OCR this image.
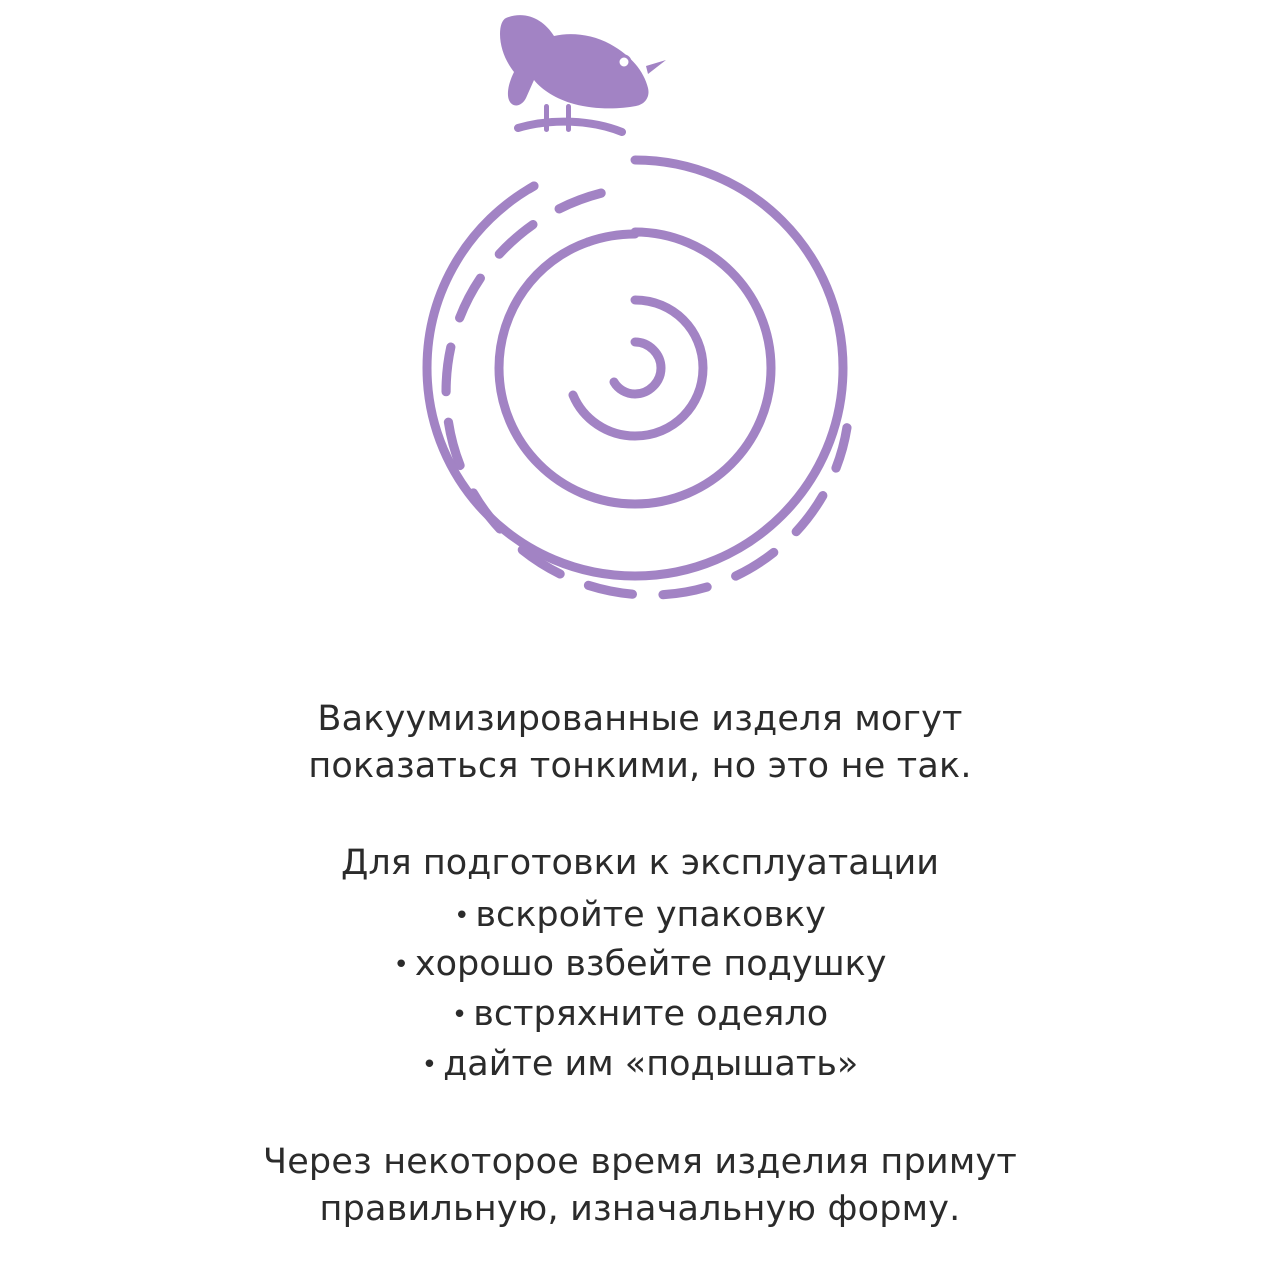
Вакуумизированные изделя могут показаться тонкими, но это не так.

Для подготовки к эксплуатации

• вскройте упаковку
• хорошо взбейте подушку
• встряхните одеяло
• дайте им «подышать»

Через некоторое время изделия примут правильную, изначальную форму.
